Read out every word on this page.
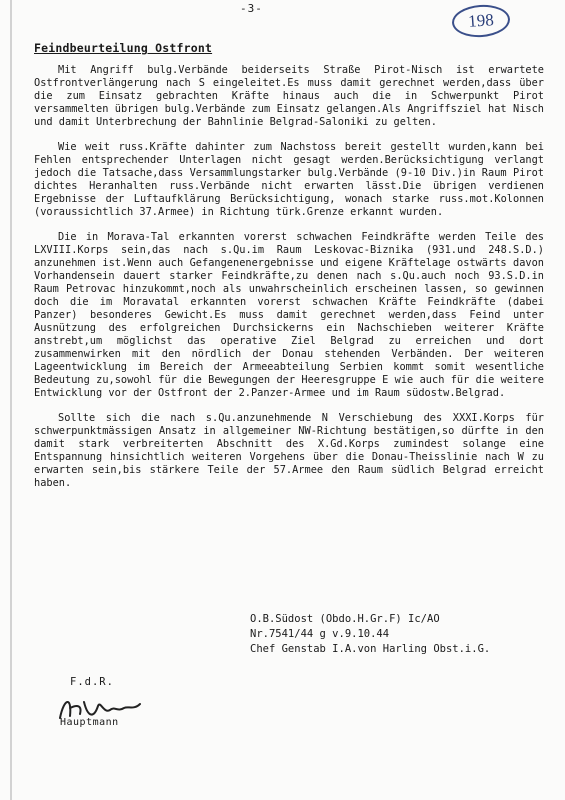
-3-
198
Feindbeurteilung Ostfront

Mit Angriff bulg.Verbände beiderseits Straße Pirot-Nisch ist erwartete Ostfrontverlängerung nach S eingeleitet.Es muss damit gerechnet werden,dass über die zum Einsatz gebrachten Kräfte hinaus auch die in Schwerpunkt Pirot versammelten übrigen bulg.Verbände zum Einsatz gelangen.Als Angriffsziel hat Nisch und damit Unterbrechung der Bahnlinie Belgrad-Saloniki zu gelten.

Wie weit russ.Kräfte dahinter zum Nachstoss bereit gestellt wurden,kann bei Fehlen entsprechender Unterlagen nicht gesagt werden.Berücksichtigung verlangt jedoch die Tatsache,dass Versammlungstarker bulg.Verbände (9-10 Div.)in Raum Pirot dichtes Heranhalten russ.Verbände nicht erwarten lässt.Die übrigen verdienen Ergebnisse der Luftaufklärung Berücksichtigung, wonach starke russ.mot.Kolonnen (voraussichtlich 37.Armee) in Richtung türk.Grenze erkannt wurden.

Die in Morava-Tal erkannten vorerst schwachen Feindkräfte werden Teile des LXVIII.Korps sein,das nach s.Qu.im Raum Leskovac-Biznika (931.und 248.S.D.) anzunehmen ist.Wenn auch Gefangenenergebnisse und eigene Kräftelage ostwärts davon Vorhandensein dauert starker Feindkräfte,zu denen nach s.Qu.auch noch 93.S.D.in Raum Petrovac hinzukommt,noch als unwahrscheinlich erscheinen lassen, so gewinnen doch die im Moravatal erkannten vorerst schwachen Kräfte Feindkräfte (dabei Panzer) besonderes Gewicht.Es muss damit gerechnet werden,dass Feind unter Ausnützung des erfolgreichen Durchsickerns ein Nachschieben weiterer Kräfte anstrebt,um möglichst das operative Ziel Belgrad zu erreichen und dort zusammenwirken mit den nördlich der Donau stehenden Verbänden. Der weiteren Lageentwicklung im Bereich der Armeeabteilung Serbien kommt somit wesentliche Bedeutung zu,sowohl für die Bewegungen der Heeresgruppe E wie auch für die weitere Entwicklung vor der Ostfront der 2.Panzer-Armee und im Raum südostw.Belgrad.

Sollte sich die nach s.Qu.anzunehmende N Verschiebung des XXXI.Korps für schwerpunktmässigen Ansatz in allgemeiner NW-Richtung bestätigen,so dürfte in den damit stark verbreiterten Abschnitt des X.Gd.Korps zumindest solange eine Entspannung hinsichtlich weiteren Vorgehens über die Donau-Theisslinie nach W zu erwarten sein,bis stärkere Teile der 57.Armee den Raum südlich Belgrad erreicht haben.

O.B.Südost (Obdo.H.Gr.F) Ic/AO
Nr.7541/44 g v.9.10.44
Chef Genstab I.A.von Harling Obst.i.G.
F.d.R.
Hauptmann
